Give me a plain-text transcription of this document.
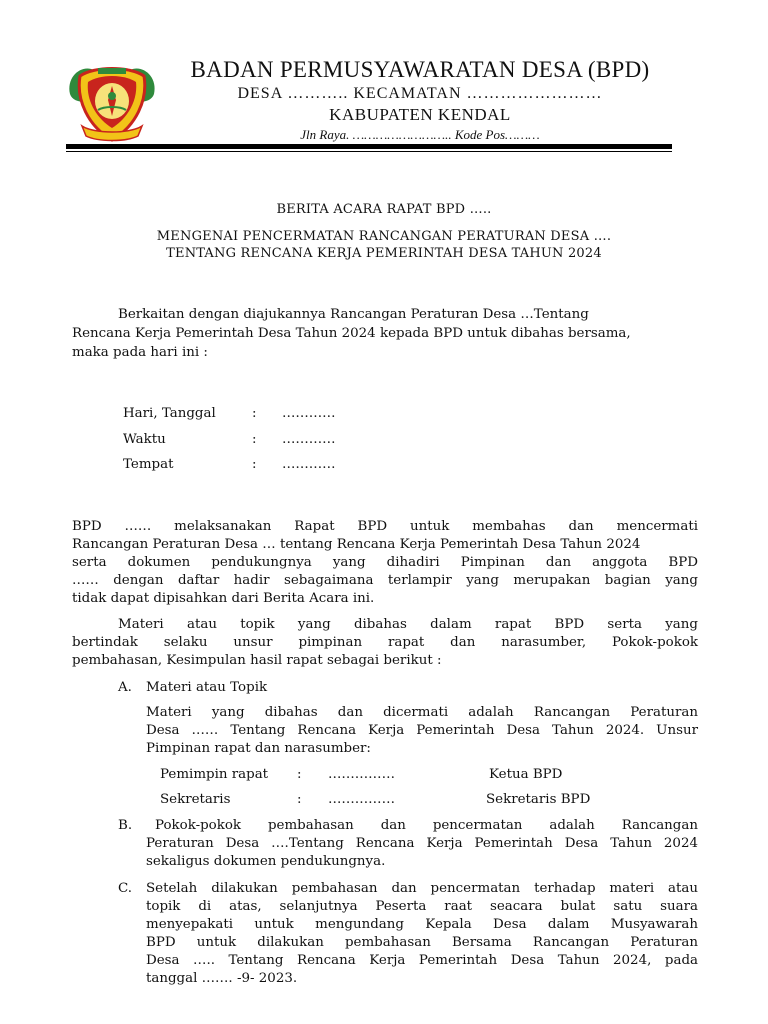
BADAN PERMUSYAWARATAN DESA (BPD)
DESA ……….. KECAMATAN ……………………
KABUPATEN KENDAL
Jln Raya. …………………….. Kode Pos………
BERITA ACARA RAPAT BPD …..
MENGENAI PENCERMATAN RANCANGAN PERATURAN DESA ….
TENTANG RENCANA KERJA PEMERINTAH DESA TAHUN 2024
Berkaitan dengan diajukannya Rancangan Peraturan Desa …Tentang
Rencana Kerja Pemerintah Desa Tahun 2024 kepada BPD untuk dibahas bersama,
maka pada hari ini :
Hari, Tanggal	: …………
Waktu	: …………
Tempat	: …………
BPD …… melaksanakan Rapat BPD untuk membahas dan mencermati
Rancangan Peraturan Desa … tentang Rencana Kerja Pemerintah Desa Tahun 2024
serta dokumen pendukungnya yang dihadiri Pimpinan dan anggota BPD
…… dengan daftar hadir sebagaimana terlampir yang merupakan bagian yang
tidak dapat dipisahkan dari Berita Acara ini.
Materi atau topik yang dibahas dalam rapat BPD serta yang
bertindak selaku unsur pimpinan rapat dan narasumber, Pokok-pokok
pembahasan, Kesimpulan hasil rapat sebagai berikut :
A. Materi atau Topik
Materi yang dibahas dan dicermati adalah Rancangan Peraturan
Desa …… Tentang Rencana Kerja Pemerintah Desa Tahun 2024. Unsur
Pimpinan rapat dan narasumber:
Pemimpin rapat : ……………	Ketua BPD
Sekretaris	: ……………	Sekretaris BPD
B. Pokok-pokok pembahasan dan pencermatan adalah Rancangan
Peraturan Desa ….Tentang Rencana Kerja Pemerintah Desa Tahun 2024
sekaligus dokumen pendukungnya.
C. Setelah dilakukan pembahasan dan pencermatan terhadap materi atau
topik di atas, selanjutnya Peserta raat seacara bulat satu suara
menyepakati untuk mengundang Kepala Desa dalam Musyawarah
BPD untuk dilakukan pembahasan Bersama Rancangan Peraturan
Desa ….. Tentang Rencana Kerja Pemerintah Desa Tahun 2024, pada
tanggal ……. -9- 2023.
